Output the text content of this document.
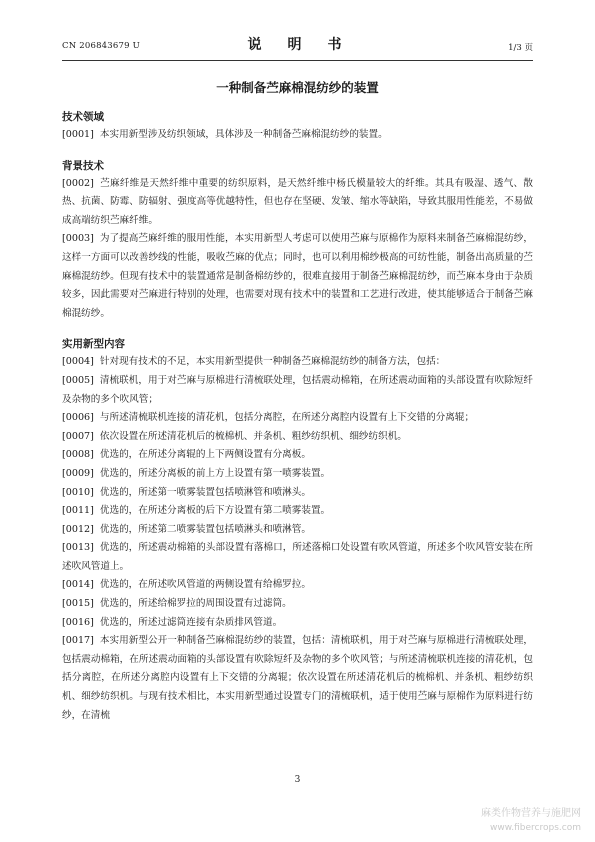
CN 206843679 U	说　明　书	1/3 页
一种制备苎麻棉混纺纱的装置
技术领域

[0001] 本实用新型涉及纺织领域，具体涉及一种制备苎麻棉混纺纱的装置。

背景技术

[0002] 苎麻纤维是天然纤维中重要的纺织原料，是天然纤维中杨氏模量较大的纤维。其具有吸湿、透气、散热、抗菌、防霉、防辐射、强度高等优越特性，但也存在坚硬、发皱、缩水等缺陷，导致其服用性能差，不易做成高端纺织苎麻纤维。

[0003] 为了提高苎麻纤维的服用性能，本实用新型人考虑可以使用苎麻与原棉作为原料来制备苎麻棉混纺纱，这样一方面可以改善纱线的性能，吸收苎麻的优点；同时，也可以利用棉纱极高的可纺性能，制备出高质量的苎麻棉混纺纱。但现有技术中的装置通常是制备棉纺纱的，很难直接用于制备苎麻棉混纺纱，而苎麻本身由于杂质较多，因此需要对苎麻进行特别的处理，也需要对现有技术中的装置和工艺进行改进，使其能够适合于制备苎麻棉混纺纱。

实用新型内容

[0004] 针对现有技术的不足，本实用新型提供一种制备苎麻棉混纺纱的制备方法，包括：

[0005] 清梳联机，用于对苎麻与原棉进行清梳联处理，包括震动棉箱，在所述震动面箱的头部设置有吹除短纤及杂物的多个吹风管；

[0006] 与所述清梳联机连接的清花机，包括分离腔，在所述分离腔内设置有上下交错的分离辊；

[0007] 依次设置在所述清花机后的梳棉机、并条机、粗纱纺织机、细纱纺织机。

[0008] 优选的，在所述分离辊的上下两侧设置有分离板。

[0009] 优选的，所述分离板的前上方上设置有第一喷雾装置。

[0010] 优选的，所述第一喷雾装置包括喷淋管和喷淋头。

[0011] 优选的，在所述分离板的后下方设置有第二喷雾装置。

[0012] 优选的，所述第二喷雾装置包括喷淋头和喷淋管。

[0013] 优选的，所述震动棉箱的头部设置有落棉口，所述落棉口处设置有吹风管道，所述多个吹风管安装在所述吹风管道上。

[0014] 优选的，在所述吹风管道的两侧设置有给棉罗拉。

[0015] 优选的，所述给棉罗拉的周围设置有过滤筒。

[0016] 优选的，所述过滤筒连接有杂质排风管道。

[0017] 本实用新型公开一种制备苎麻棉混纺纱的装置，包括：清梳联机，用于对苎麻与原棉进行清梳联处理，包括震动棉箱，在所述震动面箱的头部设置有吹除短纤及杂物的多个吹风管；与所述清梳联机连接的清花机，包括分离腔，在所述分离腔内设置有上下交错的分离辊；依次设置在所述清花机后的梳棉机、并条机、粗纱纺织机、细纱纺织机。与现有技术相比，本实用新型通过设置专门的清梳联机，适于使用苎麻与原棉作为原料进行纺纱，在清梳

3
麻类作物营养与施肥网
www.fibercrops.com
